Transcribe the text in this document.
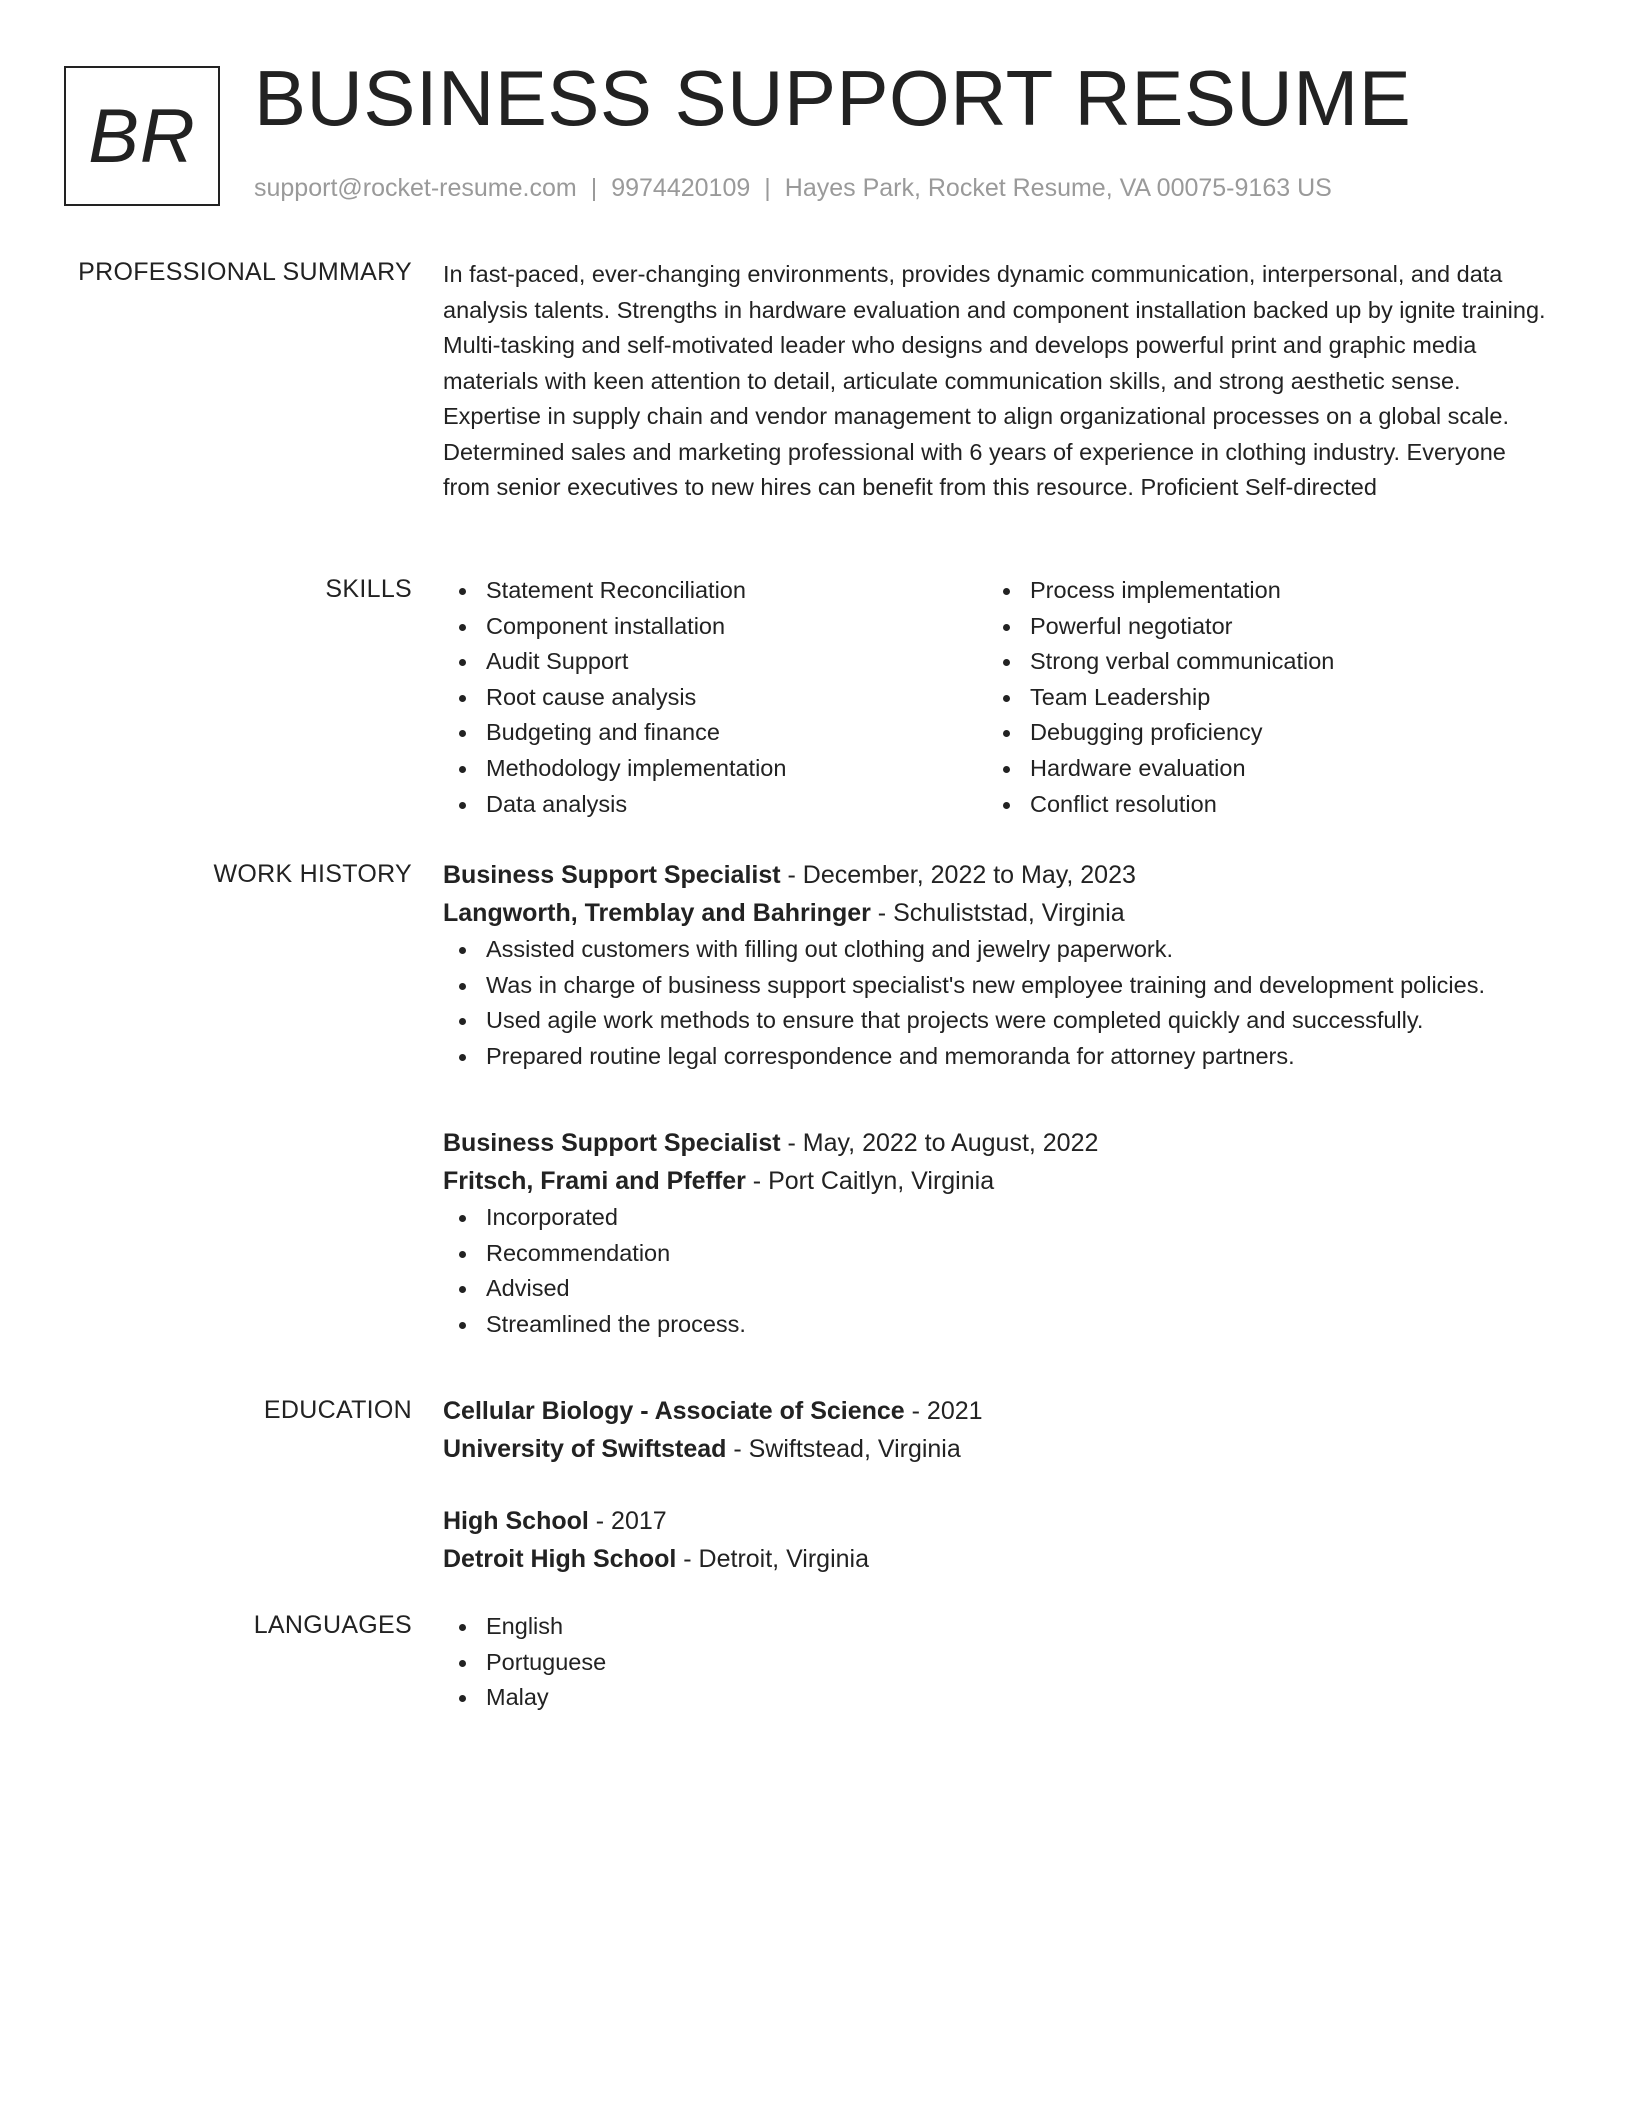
BR BUSINESS SUPPORT RESUME
support@rocket-resume.com | 9974420109 | Hayes Park, Rocket Resume, VA 00075-9163 US
PROFESSIONAL SUMMARY In fast-paced, ever-changing environments, provides dynamic communication, interpersonal, and data analysis talents. Strengths in hardware evaluation and component installation backed up by ignite training. Multi-tasking and self-motivated leader who designs and develops powerful print and graphic media materials with keen attention to detail, articulate communication skills, and strong aesthetic sense. Expertise in supply chain and vendor management to align organizational processes on a global scale. Determined sales and marketing professional with 6 years of experience in clothing industry. Everyone from senior executives to new hires can benefit from this resource. Proficient Self-directed
SKILLS	Statement Reconciliation
Component installation
Audit Support
Root cause analysis
Budgeting and finance
Methodology implementation
Data analysis
Process implementation
Powerful negotiator
Strong verbal communication
Team Leadership
Debugging proficiency
Hardware evaluation
Conflict resolution
WORK HISTORY Business Support Specialist - December, 2022 to May, 2023
Langworth, Tremblay and Bahringer - Schuliststad, Virginia
Assisted customers with filling out clothing and jewelry paperwork.
Was in charge of business support specialist's new employee training and development policies.
Used agile work methods to ensure that projects were completed quickly and successfully.
Prepared routine legal correspondence and memoranda for attorney partners.
Business Support Specialist - May, 2022 to August, 2022
Fritsch, Frami and Pfeffer - Port Caitlyn, Virginia
Incorporated
Recommendation
Advised
Streamlined the process.
EDUCATION Cellular Biology - Associate of Science - 2021
University of Swiftstead - Swiftstead, Virginia
High School - 2017
Detroit High School - Detroit, Virginia
LANGUAGES	English
Portuguese
Malay
